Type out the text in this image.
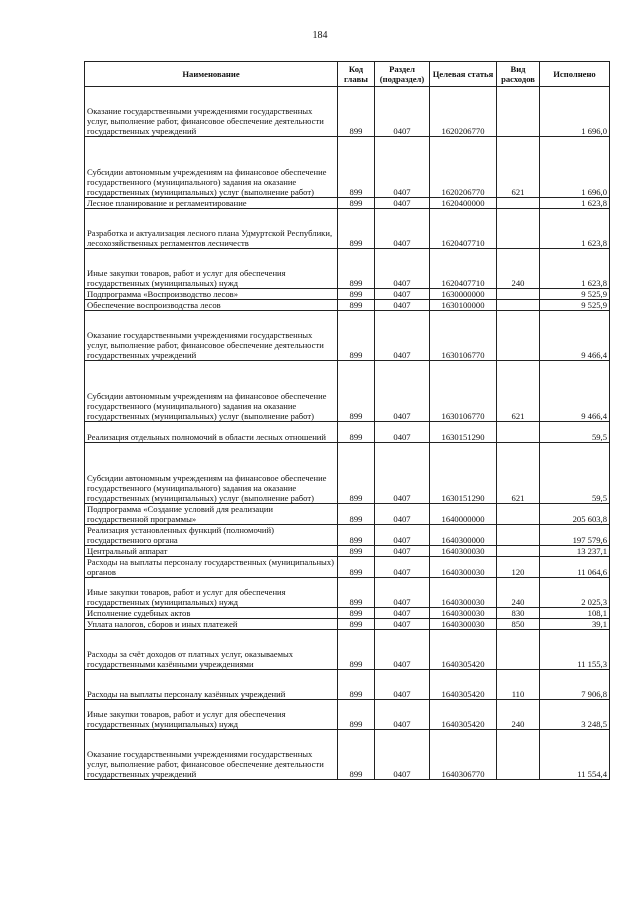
184
Наименование	Код главы	Раздел (подраздел)	Целевая статья	Вид расходов	Исполнено
Оказание государственными учреждениями государственных услуг, выполнение работ, финансовое обеспечение деятельности государственных учреждений	899	0407	1620206770		1 696,0
Субсидии автономным учреждениям на финансовое обеспечение государственного (муниципального) задания на оказание государственных (муниципальных) услуг (выполнение работ)	899	0407	1620206770	621	1 696,0
Лесное планирование и регламентирование	899	0407	1620400000		1 623,8
Разработка и актуализация лесного плана Удмуртской Республики, лесохозяйственных регламентов лесничеств	899	0407	1620407710		1 623,8
Иные закупки товаров, работ и услуг для обеспечения государственных (муниципальных) нужд	899	0407	1620407710	240	1 623,8
Подпрограмма «Воспроизводство лесов»	899	0407	1630000000		9 525,9
Обеспечение воспроизводства лесов	899	0407	1630100000		9 525,9
Оказание государственными учреждениями государственных услуг, выполнение работ, финансовое обеспечение деятельности государственных учреждений	899	0407	1630106770		9 466,4
Субсидии автономным учреждениям на финансовое обеспечение государственного (муниципального) задания на оказание государственных (муниципальных) услуг (выполнение работ)	899	0407	1630106770	621	9 466,4
Реализация отдельных полномочий в области лесных отношений	899	0407	1630151290		59,5
Субсидии автономным учреждениям на финансовое обеспечение государственного (муниципального) задания на оказание государственных (муниципальных) услуг (выполнение работ)	899	0407	1630151290	621	59,5
Подпрограмма «Создание условий для реализации государственной программы»	899	0407	1640000000		205 603,8
Реализация установленных функций (полномочий) государственного органа	899	0407	1640300000		197 579,6
Центральный аппарат	899	0407	1640300030		13 237,1
Расходы на выплаты персоналу государственных (муниципальных) органов	899	0407	1640300030	120	11 064,6
Иные закупки товаров, работ и услуг для обеспечения государственных (муниципальных) нужд	899	0407	1640300030	240	2 025,3
Исполнение судебных актов	899	0407	1640300030	830	108,1
Уплата налогов, сборов и иных платежей	899	0407	1640300030	850	39,1
Расходы за счёт доходов от платных услуг, оказываемых государственными казёнными учреждениями	899	0407	1640305420		11 155,3
Расходы на выплаты персоналу казённых учреждений	899	0407	1640305420	110	7 906,8
Иные закупки товаров, работ и услуг для обеспечения государственных (муниципальных) нужд	899	0407	1640305420	240	3 248,5
Оказание государственными учреждениями государственных услуг, выполнение работ, финансовое обеспечение деятельности государственных учреждений	899	0407	1640306770		11 554,4
